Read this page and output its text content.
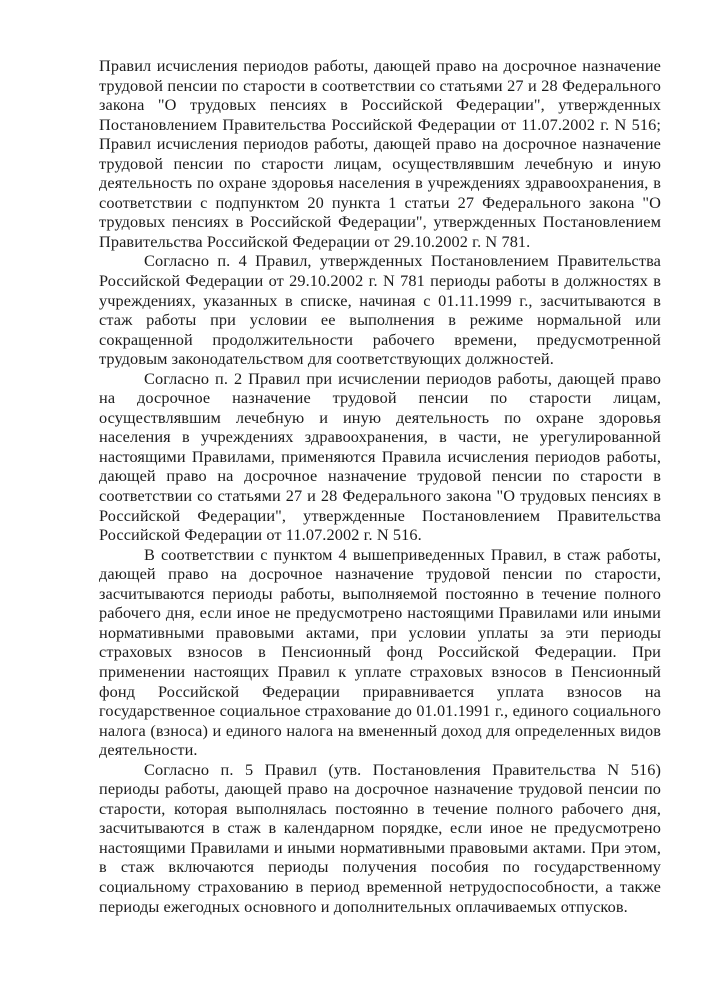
Правил исчисления периодов работы, дающей право на досрочное назначение трудовой пенсии по старости в соответствии со статьями 27 и 28 Федерального закона "О трудовых пенсиях в Российской Федерации", утвержденных Постановлением Правительства Российской Федерации от 11.07.2002 г. N 516; Правил исчисления периодов работы, дающей право на досрочное назначение трудовой пенсии по старости лицам, осуществлявшим лечебную и иную деятельность по охране здоровья населения в учреждениях здравоохранения, в соответствии с подпунктом 20 пункта 1 статьи 27 Федерального закона "О трудовых пенсиях в Российской Федерации", утвержденных Постановлением Правительства Российской Федерации от 29.10.2002 г. N 781.

Согласно п. 4 Правил, утвержденных Постановлением Правительства Российской Федерации от 29.10.2002 г. N 781 периоды работы в должностях в учреждениях, указанных в списке, начиная с 01.11.1999 г., засчитываются в стаж работы при условии ее выполнения в режиме нормальной или сокращенной продолжительности рабочего времени, предусмотренной трудовым законодательством для соответствующих должностей.

Согласно п. 2 Правил при исчислении периодов работы, дающей право на досрочное назначение трудовой пенсии по старости лицам, осуществлявшим лечебную и иную деятельность по охране здоровья населения в учреждениях здравоохранения, в части, не урегулированной настоящими Правилами, применяются Правила исчисления периодов работы, дающей право на досрочное назначение трудовой пенсии по старости в соответствии со статьями 27 и 28 Федерального закона "О трудовых пенсиях в Российской Федерации", утвержденные Постановлением Правительства Российской Федерации от 11.07.2002 г. N 516.

В соответствии с пунктом 4 вышеприведенных Правил, в стаж работы, дающей право на досрочное назначение трудовой пенсии по старости, засчитываются периоды работы, выполняемой постоянно в течение полного рабочего дня, если иное не предусмотрено настоящими Правилами или иными нормативными правовыми актами, при условии уплаты за эти периоды страховых взносов в Пенсионный фонд Российской Федерации. При применении настоящих Правил к уплате страховых взносов в Пенсионный фонд Российской Федерации приравнивается уплата взносов на государственное социальное страхование до 01.01.1991 г., единого социального налога (взноса) и единого налога на вмененный доход для определенных видов деятельности.

Согласно п. 5 Правил (утв. Постановления Правительства N 516) периоды работы, дающей право на досрочное назначение трудовой пенсии по старости, которая выполнялась постоянно в течение полного рабочего дня, засчитываются в стаж в календарном порядке, если иное не предусмотрено настоящими Правилами и иными нормативными правовыми актами. При этом, в стаж включаются периоды получения пособия по государственному социальному страхованию в период временной нетрудоспособности, а также периоды ежегодных основного и дополнительных оплачиваемых отпусков.
